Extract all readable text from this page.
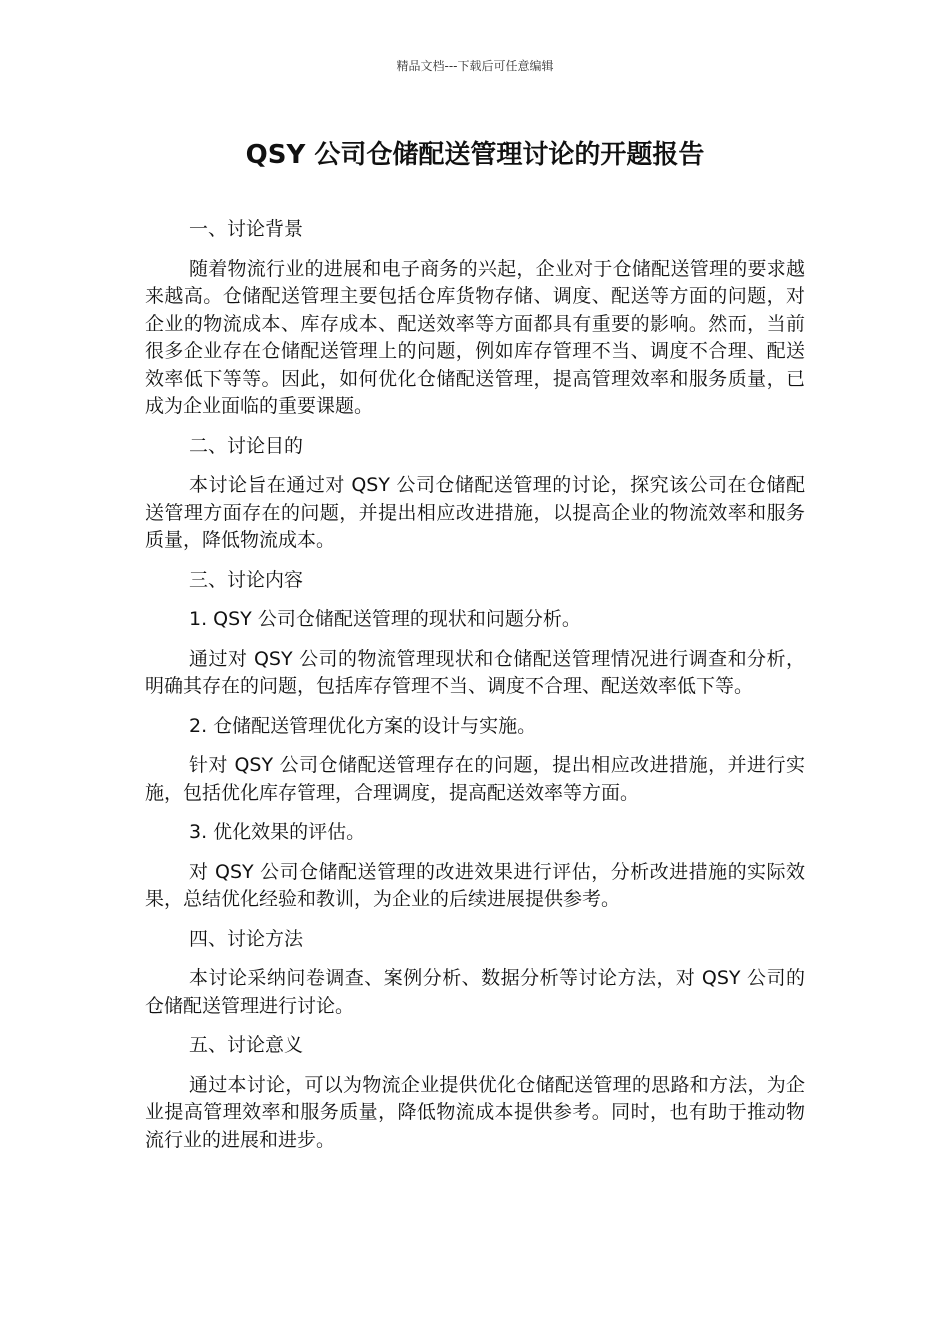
精品文档---下载后可任意编辑
QSY 公司仓储配送管理讨论的开题报告

一、讨论背景

随着物流行业的进展和电子商务的兴起，企业对于仓储配送管理的要求越来越高。仓储配送管理主要包括仓库货物存储、调度、配送等方面的问题，对企业的物流成本、库存成本、配送效率等方面都具有重要的影响。然而，当前很多企业存在仓储配送管理上的问题，例如库存管理不当、调度不合理、配送效率低下等等。因此，如何优化仓储配送管理，提高管理效率和服务质量，已成为企业面临的重要课题。

二、讨论目的

本讨论旨在通过对 QSY 公司仓储配送管理的讨论，探究该公司在仓储配送管理方面存在的问题，并提出相应改进措施，以提高企业的物流效率和服务质量，降低物流成本。

三、讨论内容

1. QSY 公司仓储配送管理的现状和问题分析。

通过对 QSY 公司的物流管理现状和仓储配送管理情况进行调查和分析，明确其存在的问题，包括库存管理不当、调度不合理、配送效率低下等。

2. 仓储配送管理优化方案的设计与实施。

针对 QSY 公司仓储配送管理存在的问题，提出相应改进措施，并进行实施，包括优化库存管理，合理调度，提高配送效率等方面。

3. 优化效果的评估。

对 QSY 公司仓储配送管理的改进效果进行评估，分析改进措施的实际效果，总结优化经验和教训，为企业的后续进展提供参考。

四、讨论方法

本讨论采纳问卷调查、案例分析、数据分析等讨论方法，对 QSY 公司的仓储配送管理进行讨论。

五、讨论意义

通过本讨论，可以为物流企业提供优化仓储配送管理的思路和方法，为企业提高管理效率和服务质量，降低物流成本提供参考。同时，也有助于推动物流行业的进展和进步。
